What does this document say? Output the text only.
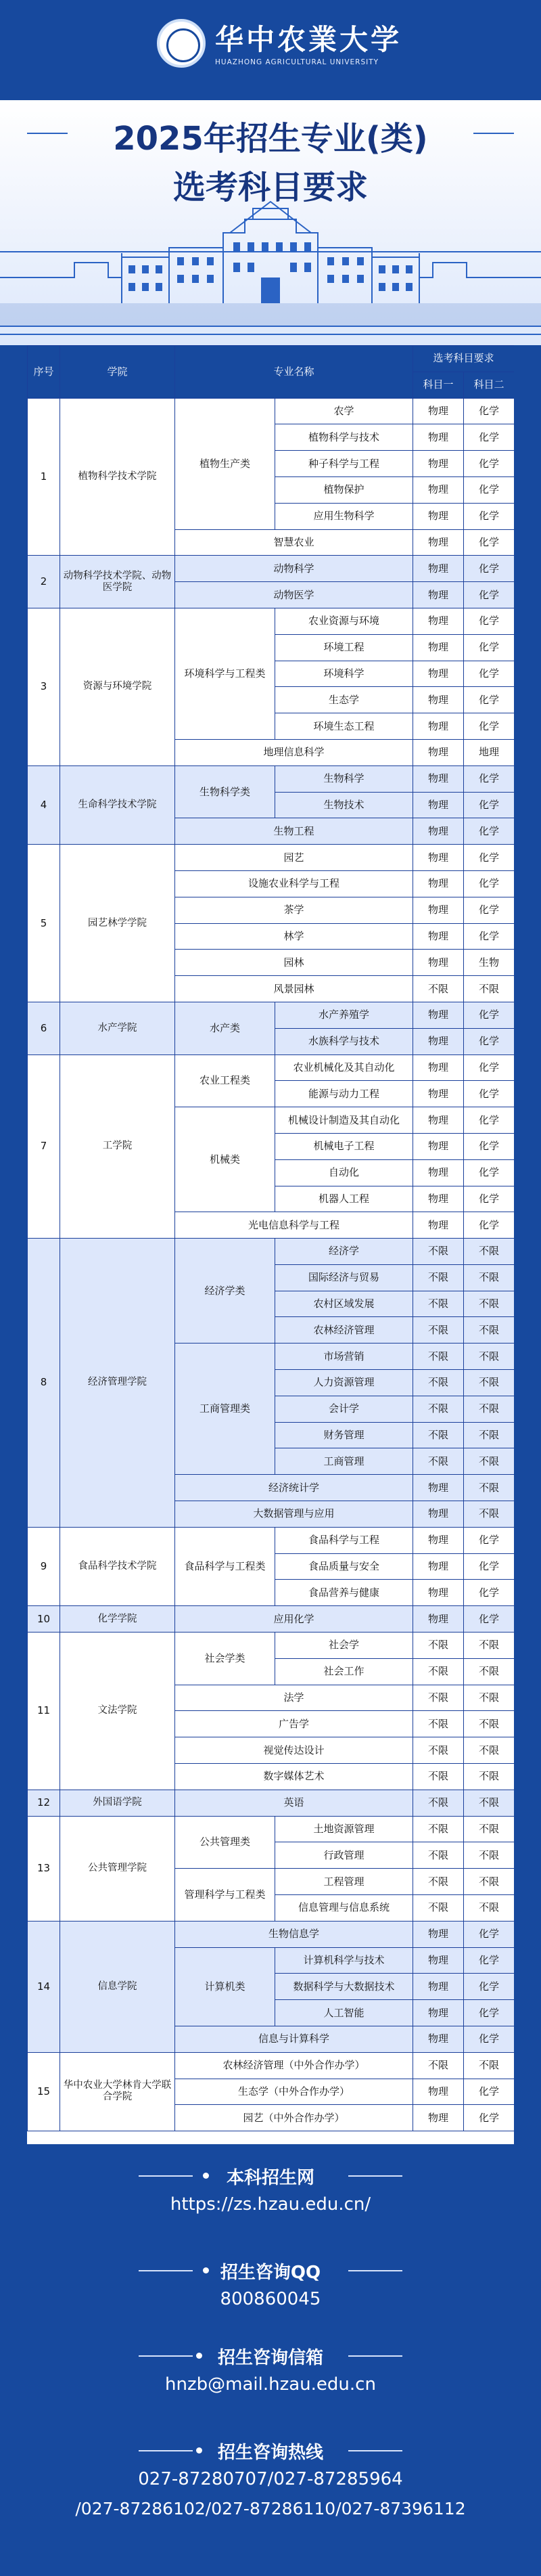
华中农業大学
HUAZHONG AGRICULTURAL UNIVERSITY
2025年招生专业(类)
选考科目要求
序号	学院	专业名称		选考科目要求	
				科目一	科目二
1	植物科学技术学院	植物生产类	农学	物理	化学
			植物科学与技术	物理	化学
			种子科学与工程	物理	化学
			植物保护	物理	化学
			应用生物科学	物理	化学
		智慧农业		物理	化学
2	动物科学技术学院、动物医学院	动物科学		物理	化学
		动物医学		物理	化学
3	资源与环境学院	环境科学与工程类	农业资源与环境	物理	化学
			环境工程	物理	化学
			环境科学	物理	化学
			生态学	物理	化学
			环境生态工程	物理	化学
		地理信息科学		物理	地理
4	生命科学技术学院	生物科学类	生物科学	物理	化学
			生物技术	物理	化学
		生物工程		物理	化学
5	园艺林学学院	园艺		物理	化学
		设施农业科学与工程		物理	化学
		茶学		物理	化学
		林学		物理	化学
		园林		物理	生物
		风景园林		不限	不限
6	水产学院	水产类	水产养殖学	物理	化学
			水族科学与技术	物理	化学
7	工学院	农业工程类	农业机械化及其自动化	物理	化学
			能源与动力工程	物理	化学
		机械类	机械设计制造及其自动化	物理	化学
			机械电子工程	物理	化学
			自动化	物理	化学
			机器人工程	物理	化学
		光电信息科学与工程		物理	化学
8	经济管理学院	经济学类	经济学	不限	不限
			国际经济与贸易	不限	不限
			农村区域发展	不限	不限
			农林经济管理	不限	不限
		工商管理类	市场营销	不限	不限
			人力资源管理	不限	不限
			会计学	不限	不限
			财务管理	不限	不限
			工商管理	不限	不限
		经济统计学		物理	不限
		大数据管理与应用		物理	不限
9	食品科学技术学院	食品科学与工程类	食品科学与工程	物理	化学
			食品质量与安全	物理	化学
			食品营养与健康	物理	化学
10	化学学院	应用化学		物理	化学
11	文法学院	社会学类	社会学	不限	不限
			社会工作	不限	不限
		法学		不限	不限
		广告学		不限	不限
		视觉传达设计		不限	不限
		数字媒体艺术		不限	不限
12	外国语学院	英语		不限	不限
13	公共管理学院	公共管理类	土地资源管理	不限	不限
			行政管理	不限	不限
		管理科学与工程类	工程管理	不限	不限
			信息管理与信息系统	不限	不限
14	信息学院	生物信息学		物理	化学
		计算机类	计算机科学与技术	物理	化学
			数据科学与大数据技术	物理	化学
			人工智能	物理	化学
		信息与计算科学		物理	化学
15	华中农业大学林肯大学联合学院	农林经济管理（中外合作办学）		不限	不限
		生态学（中外合作办学）		物理	化学
		园艺（中外合作办学）		物理	化学
本科招生网
https://zs.hzau.edu.cn/
招生咨询QQ
800860045
招生咨询信箱
hnzb@mail.hzau.edu.cn
招生咨询热线
027-87280707/027-87285964
/027-87286102/027-87286110/027-87396112
